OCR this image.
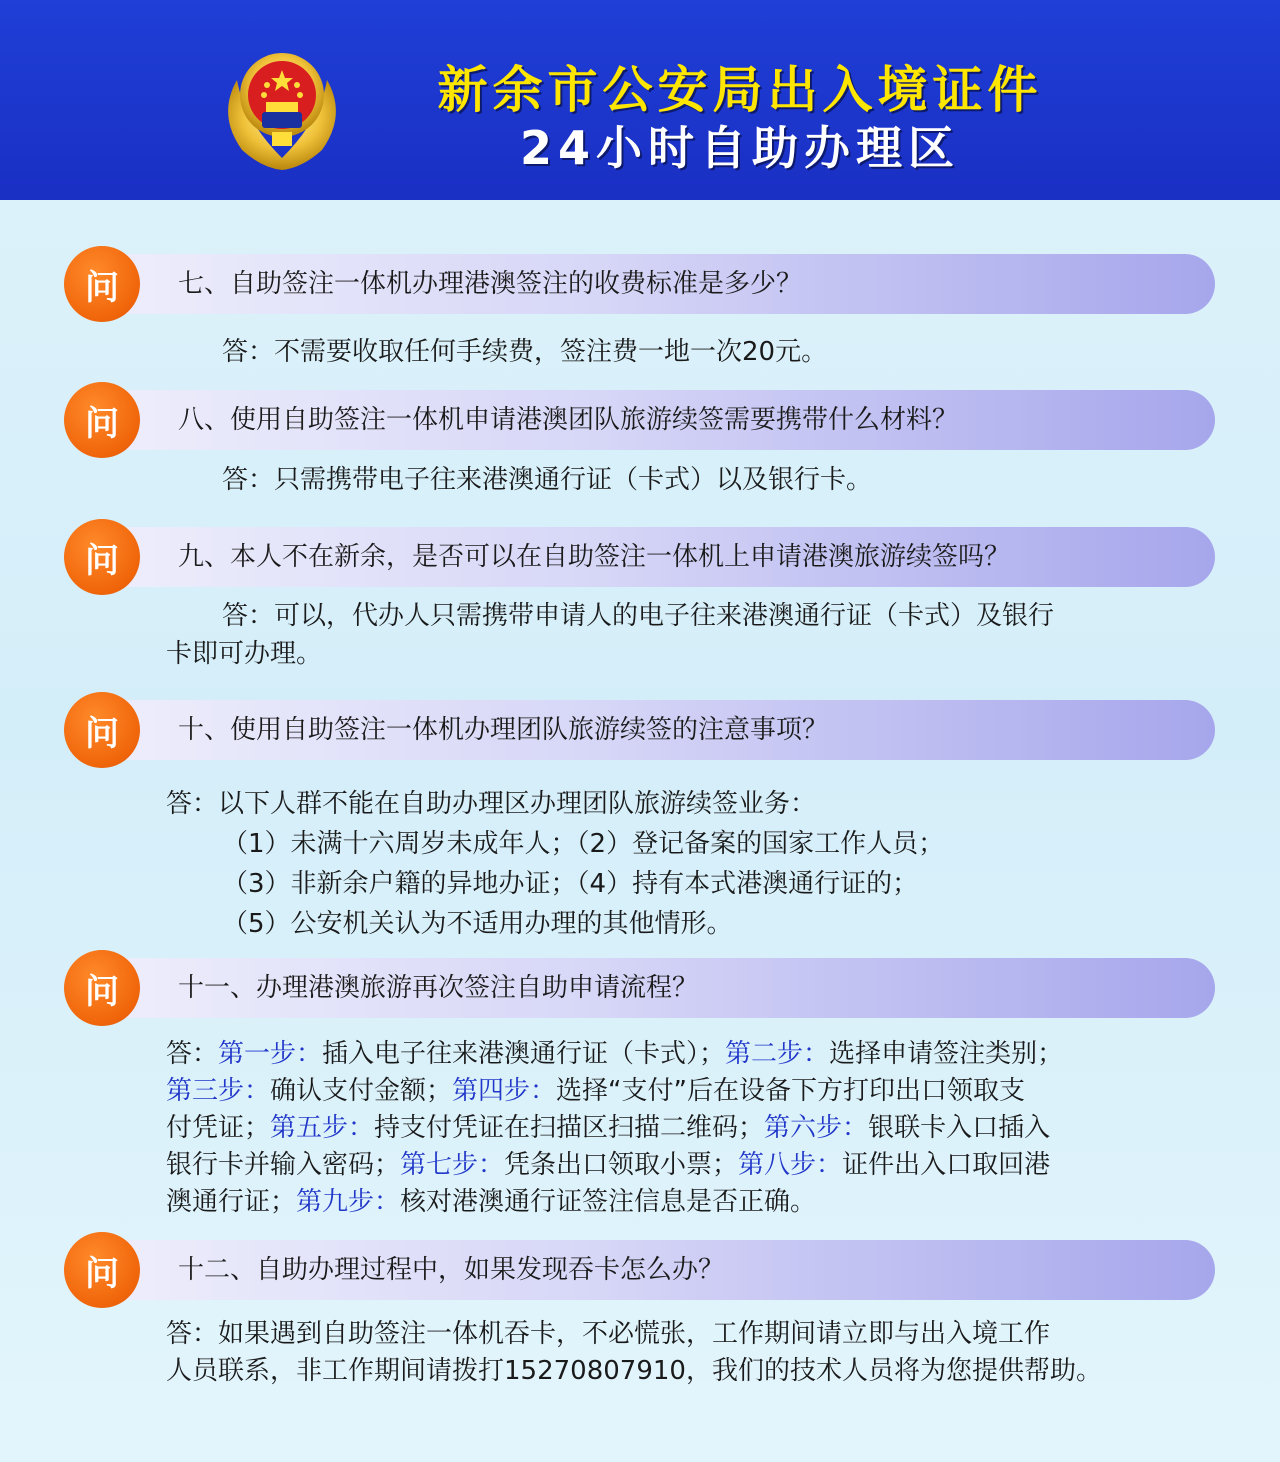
新余市公安局出入境证件
24小时自助办理区
问	七、自助签注一体机办理港澳签注的收费标准是多少？
答：不需要收取任何手续费，签注费一地一次20元。
问	八、使用自助签注一体机申请港澳团队旅游续签需要携带什么材料？
答：只需携带电子往来港澳通行证（卡式）以及银行卡。
问	九、本人不在新余，是否可以在自助签注一体机上申请港澳旅游续签吗？
答：可以，代办人只需携带申请人的电子往来港澳通行证（卡式）及银行
卡即可办理。
问	十、使用自助签注一体机办理团队旅游续签的注意事项？
答：以下人群不能在自助办理区办理团队旅游续签业务：
（1）未满十六周岁未成年人；（2）登记备案的国家工作人员；
（3）非新余户籍的异地办证；（4）持有本式港澳通行证的；
（5）公安机关认为不适用办理的其他情形。
问	十一、办理港澳旅游再次签注自助申请流程？
答：第一步：插入电子往来港澳通行证（卡式）；第二步：选择申请签注类别；
第三步：确认支付金额；第四步：选择“支付”后在设备下方打印出口领取支
付凭证；第五步：持支付凭证在扫描区扫描二维码；第六步：银联卡入口插入
银行卡并输入密码；第七步：凭条出口领取小票；第八步：证件出入口取回港
澳通行证；第九步：核对港澳通行证签注信息是否正确。
问	十二、自助办理过程中，如果发现吞卡怎么办？
答：如果遇到自助签注一体机吞卡，不必慌张，工作期间请立即与出入境工作
人员联系，非工作期间请拨打15270807910，我们的技术人员将为您提供帮助。
